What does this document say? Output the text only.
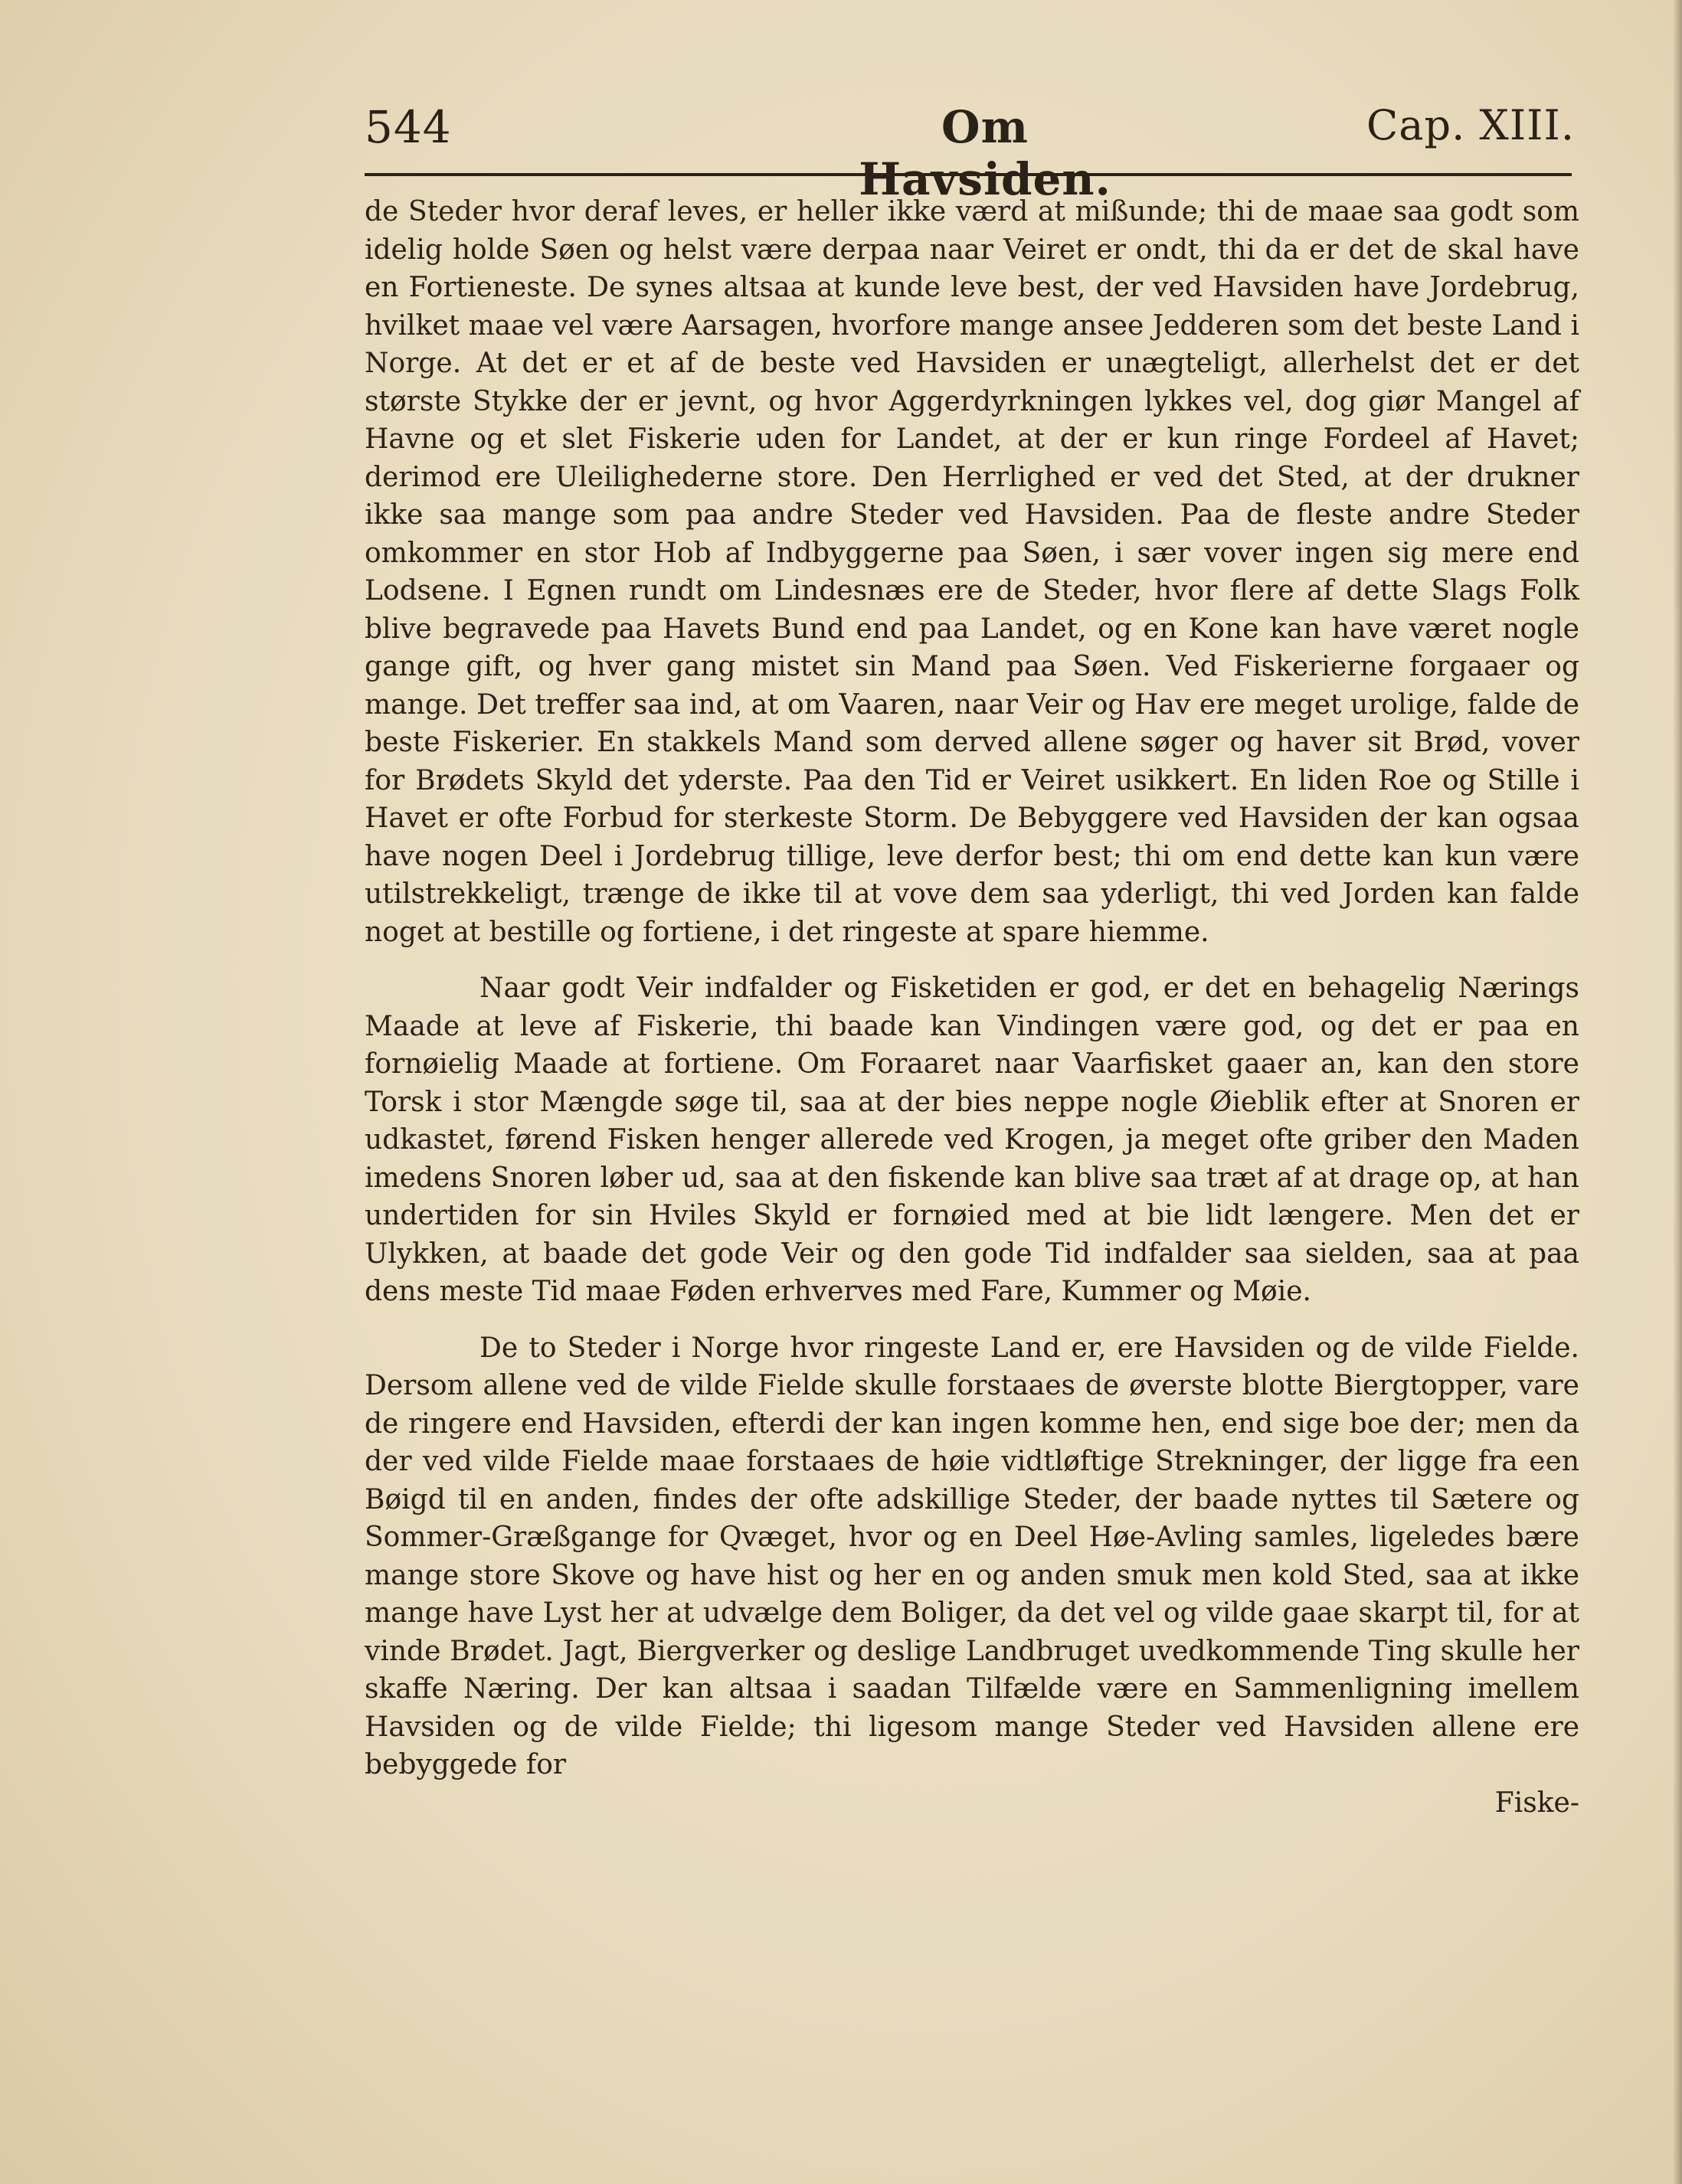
544	Om Havsiden.
Cap. XIII.

de Steder hvor deraf leves, er heller ikke værd at mißunde; thi de maae saa godt som idelig holde Søen og helst være derpaa naar Veiret er ondt, thi da er det de skal have en Fortieneste. De synes altsaa at kunde leve best, der ved Havsiden have Jordebrug, hvilket maae vel være Aarsagen, hvorfore mange ansee Jedderen som det beste Land i Norge. At det er et af de beste ved Havsiden er unægteligt, allerhelst det er det største Stykke der er jevnt, og hvor Aggerdyrkningen lykkes vel, dog giør Mangel af Havne og et slet Fiskerie uden for Landet, at der er kun ringe Fordeel af Havet; derimod ere Uleilighederne store. Den Herrlighed er ved det Sted, at der drukner ikke saa mange som paa andre Steder ved Havsiden. Paa de fleste andre Steder omkommer en stor Hob af Indbyggerne paa Søen, i sær vover ingen sig mere end Lodsene. I Egnen rundt om Lindesnæs ere de Steder, hvor flere af dette Slags Folk blive begravede paa Havets Bund end paa Landet, og en Kone kan have været nogle gange gift, og hver gang mistet sin Mand paa Søen. Ved Fiskerierne forgaaer og mange. Det treffer saa ind, at om Vaaren, naar Veir og Hav ere meget urolige, falde de beste Fiskerier. En stakkels Mand som derved allene søger og haver sit Brød, vover for Brødets Skyld det yderste. Paa den Tid er Veiret usikkert. En liden Roe og Stille i Havet er ofte Forbud for sterkeste Storm. De Bebyggere ved Havsiden der kan ogsaa have nogen Deel i Jordebrug tillige, leve derfor best; thi om end dette kan kun være utilstrekkeligt, trænge de ikke til at vove dem saa yderligt, thi ved Jorden kan falde noget at bestille og fortiene, i det ringeste at spare hiemme.

Naar godt Veir indfalder og Fisketiden er god, er det en behagelig Nærings Maade at leve af Fiskerie, thi baade kan Vindingen være god, og det er paa en fornøielig Maade at fortiene. Om Foraaret naar Vaarfisket gaaer an, kan den store Torsk i stor Mængde søge til, saa at der bies neppe nogle Øieblik efter at Snoren er udkastet, førend Fisken henger allerede ved Krogen, ja meget ofte griber den Maden imedens Snoren løber ud, saa at den fiskende kan blive saa træt af at drage op, at han undertiden for sin Hviles Skyld er fornøied med at bie lidt længere. Men det er Ulykken, at baade det gode Veir og den gode Tid indfalder saa sielden, saa at paa dens meste Tid maae Føden erhverves med Fare, Kummer og Møie.

De to Steder i Norge hvor ringeste Land er, ere Havsiden og de vilde Fielde. Dersom allene ved de vilde Fielde skulle forstaaes de øverste blotte Biergtopper, vare de ringere end Havsiden, efterdi der kan ingen komme hen, end sige boe der; men da der ved vilde Fielde maae forstaaes de høie vidtløftige Strekninger, der ligge fra een Bøigd til en anden, findes der ofte adskillige Steder, der baade nyttes til Sætere og Sommer-Græßgange for Qvæget, hvor og en Deel Høe-Avling samles, ligeledes bære mange store Skove og have hist og her en og anden smuk men kold Sted, saa at ikke mange have Lyst her at udvælge dem Boliger, da det vel og vilde gaae skarpt til, for at vinde Brødet. Jagt, Biergverker og deslige Landbruget uvedkommende Ting skulle her skaffe Næring. Der kan altsaa i saadan Tilfælde være en Sammenligning imellem Havsiden og de vilde Fielde; thi ligesom mange Steder ved Havsiden allene ere bebyggede for

Fiske-
